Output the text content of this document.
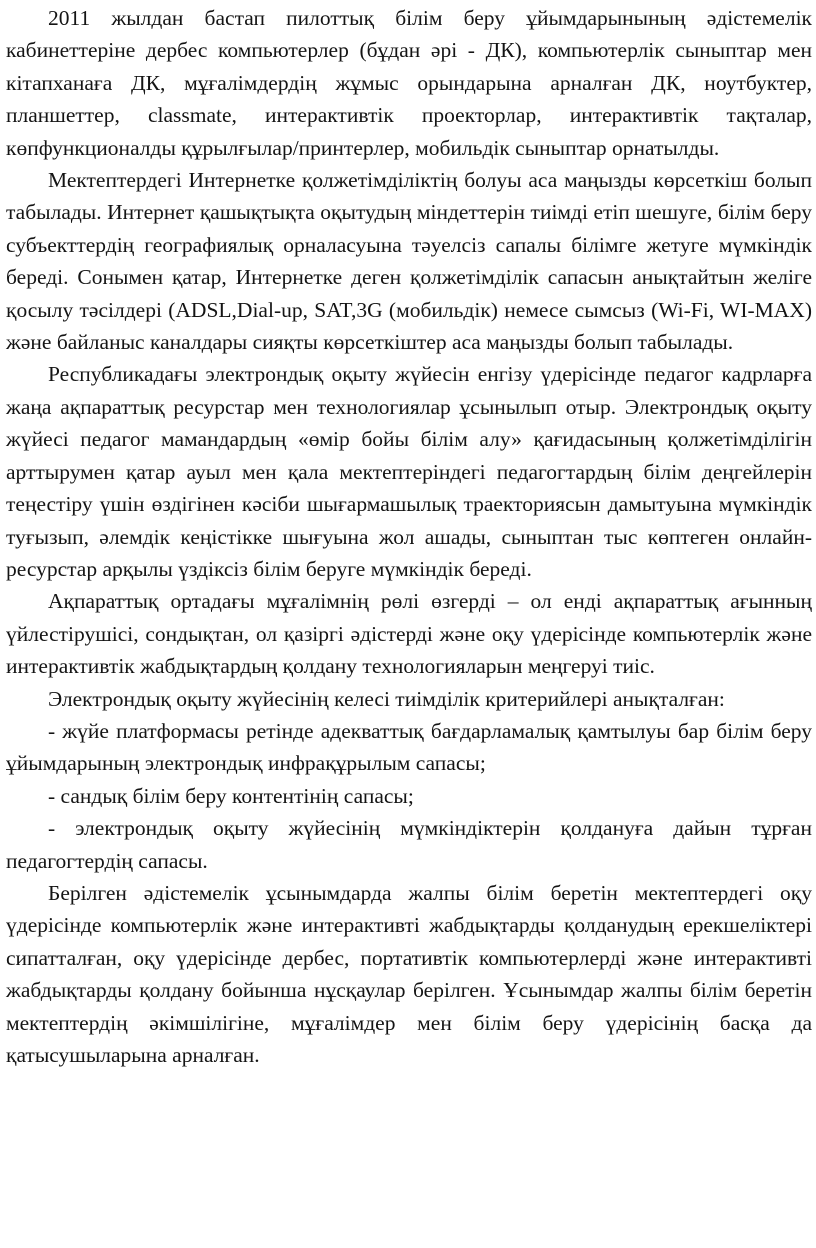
2011 жылдан бастап пилоттық білім беру ұйымдарынының әдістемелік кабинеттеріне дербес компьютерлер (бұдан әрі - ДК), компьютерлік сыныптар мен кітапханаға ДК, мұғалімдердің жұмыс орындарына арналған ДК, ноутбуктер, планшеттер, classmate, интерактивтік проекторлар, интерактивтік тақталар, көпфункционалды құрылғылар/принтерлер, мобильдік сыныптар орнатылды.

Мектептердегі Интернетке қолжетімділіктің болуы аса маңызды көрсеткіш болып табылады. Интернет қашықтықта оқытудың міндеттерін тиімді етіп шешуге, білім беру субъекттердің географиялық орналасуына тәуелсіз сапалы білімге жетуге мүмкіндік береді. Сонымен қатар, Интернетке деген қолжетімділік сапасын анықтайтын желіге қосылу тәсілдері (ADSL,Dial-up, SAT,3G (мобильдік) немесе сымсыз (Wi-Fi, WI-MAX) және байланыс каналдары сияқты көрсеткіштер аса маңызды болып табылады.

Республикадағы электрондық оқыту жүйесін енгізу үдерісінде педагог кадрларға жаңа ақпараттық ресурстар мен технологиялар ұсынылып отыр. Электрондық оқыту жүйесі педагог мамандардың «өмір бойы білім алу» қағидасының қолжетімділігін арттырумен қатар ауыл мен қала мектептеріндегі педагогтардың білім деңгейлерін теңестіру үшін өздігінен кәсіби шығармашылық траекториясын дамытуына мүмкіндік туғызып, әлемдік кеңістікке шығуына жол ашады, сыныптан тыс көптеген онлайн-ресурстар арқылы үздіксіз білім беруге мүмкіндік береді.

Ақпараттық ортадағы мұғалімнің рөлі өзгерді – ол енді ақпараттық ағынның үйлестірушісі, сондықтан, ол қазіргі әдістерді және оқу үдерісінде компьютерлік және интерактивтік жабдықтардың қолдану технологияларын меңгеруі тиіс.

Электрондық оқыту жүйесінің келесі тиімділік критерийлері анықталған:

- жүйе платформасы ретінде адекваттық бағдарламалық қамтылуы бар білім беру ұйымдарының электрондық инфрақұрылым сапасы;

- сандық білім беру контентінің сапасы;

- электрондық оқыту жүйесінің мүмкіндіктерін қолдануға дайын тұрған педагогтердің сапасы.

Берілген әдістемелік ұсынымдарда жалпы білім беретін мектептердегі оқу үдерісінде компьютерлік және интерактивті жабдықтарды қолданудың ерекшеліктері сипатталған, оқу үдерісінде дербес, портативтік компьютерлерді және интерактивті жабдықтарды қолдану бойынша нұсқаулар берілген. Ұсынымдар жалпы білім беретін мектептердің әкімшілігіне, мұғалімдер мен білім беру үдерісінің басқа да қатысушыларына арналған.
